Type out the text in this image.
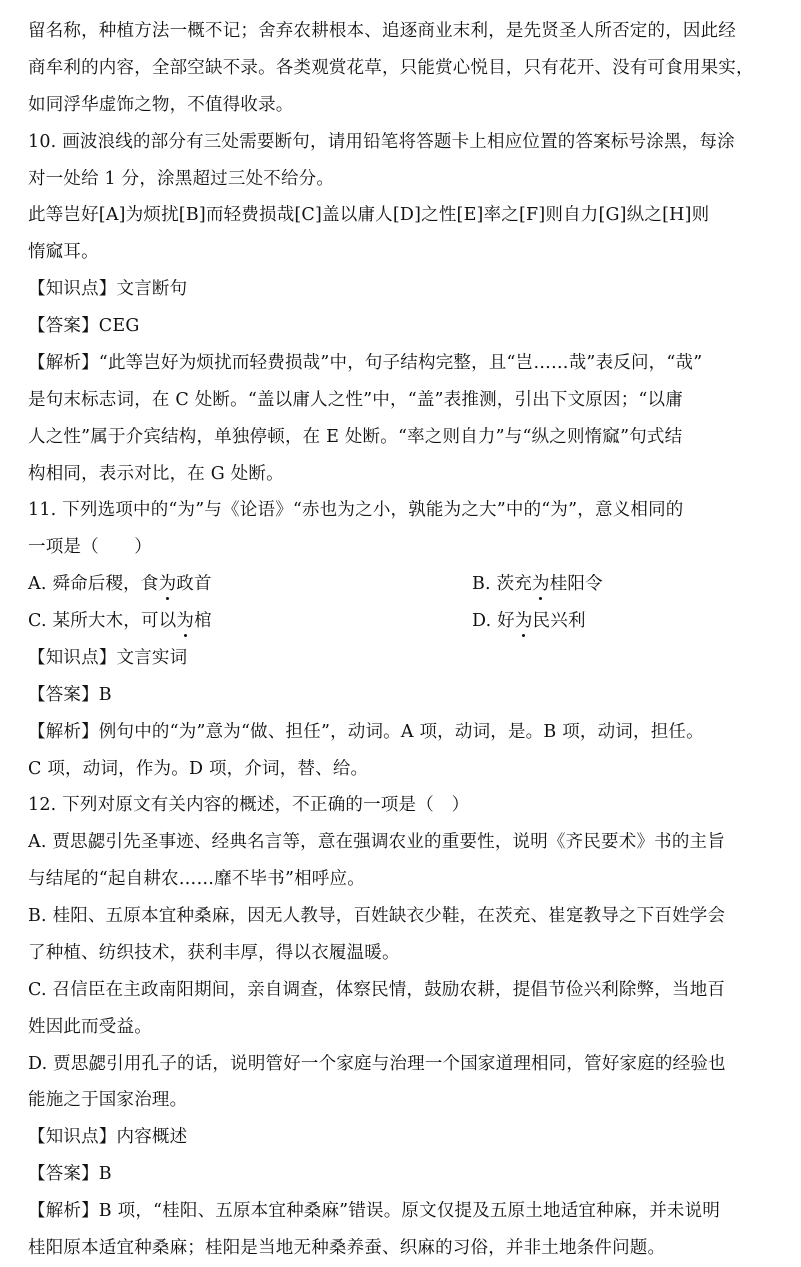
留名称，种植方法一概不记；舍弃农耕根本、追逐商业末利，是先贤圣人所否定的，因此经
商牟利的内容，全部空缺不录。各类观赏花草，只能赏心悦目，只有花开、没有可食用果实，
如同浮华虚饰之物，不值得收录。
10. 画波浪线的部分有三处需要断句，请用铅笔将答题卡上相应位置的答案标号涂黑，每涂
对一处给 1 分，涂黑超过三处不给分。
此等岂好[A]为烦扰[B]而轻费损哉[C]盖以庸人[D]之性[E]率之[F]则自力[G]纵之[H]则
惰窳耳。
【知识点】文言断句
【答案】CEG
【解析】“此等岂好为烦扰而轻费损哉”中，句子结构完整，且“岂……哉”表反问，“哉”
是句末标志词，在 C 处断。“盖以庸人之性”中，“盖”表推测，引出下文原因；“以庸
人之性”属于介宾结构，单独停顿，在 E 处断。“率之则自力”与“纵之则惰窳”句式结
构相同，表示对比，在 G 处断。
11. 下列选项中的“为”与《论语》“赤也为之小，孰能为之大”中的“为”，意义相同的
一项是（　　）
A. 舜命后稷，食为政首	B. 茨充为桂阳令
C. 某所大木，可以为棺	D. 好为民兴利
【知识点】文言实词
【答案】B
【解析】例句中的“为”意为“做、担任”，动词。A 项，动词，是。B 项，动词，担任。
C 项，动词，作为。D 项，介词，替、给。
12. 下列对原文有关内容的概述，不正确的一项是（　）
A. 贾思勰引先圣事迹、经典名言等，意在强调农业的重要性，说明《齐民要术》书的主旨
与结尾的“起自耕农……靡不毕书”相呼应。
B. 桂阳、五原本宜种桑麻，因无人教导，百姓缺衣少鞋，在茨充、崔寔教导之下百姓学会
了种植、纺织技术，获利丰厚，得以衣履温暖。
C. 召信臣在主政南阳期间，亲自调查，体察民情，鼓励农耕，提倡节俭兴利除弊，当地百
姓因此而受益。
D. 贾思勰引用孔子的话，说明管好一个家庭与治理一个国家道理相同，管好家庭的经验也
能施之于国家治理。
【知识点】内容概述
【答案】B
【解析】B 项，“桂阳、五原本宜种桑麻”错误。原文仅提及五原土地适宜种麻，并未说明
桂阳原本适宜种桑麻；桂阳是当地无种桑养蚕、织麻的习俗，并非土地条件问题。
